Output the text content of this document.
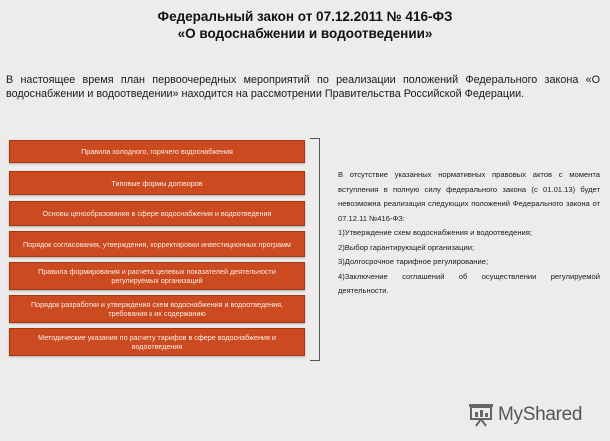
Федеральный закон от 07.12.2011 № 416-ФЗ
«О водоснабжении и водоотведении»
В настоящее время план первоочередных мероприятий по реализации положений Федерального закона «О водоснабжении и водоотведении» находится на рассмотрении Правительства Российской Федерации.
Правила холодного, горячего водоснабжения
Типовые формы договоров
Основы ценообразования в сфере водоснабжения и водоотведения
Порядок согласования, утверждения, корректировки инвестиционных программ
Правила формирования и расчета целевых показателей деятельности регулируемых организаций
Порядок разработки и утверждения схем водоснабжения и водоотведения, требования к их содержанию
Методические указания по расчету тарифов в сфере водоснабжения и водоотведения

В отсутствие указанных нормативных правовых актов с момента вступления в полную силу федерального закона (с 01.01.13) будет невозможна реализация следующих положений Федерального закона от 07.12.11 №416-ФЗ:

1)Утверждение схем водоснабжения и водоотведения;

2)Выбор гарантирующей организации;

3)Долгосрочное тарифное регулирование;

4)Заключение соглашений об осуществлении регулируемой деятельности.

MyShared
